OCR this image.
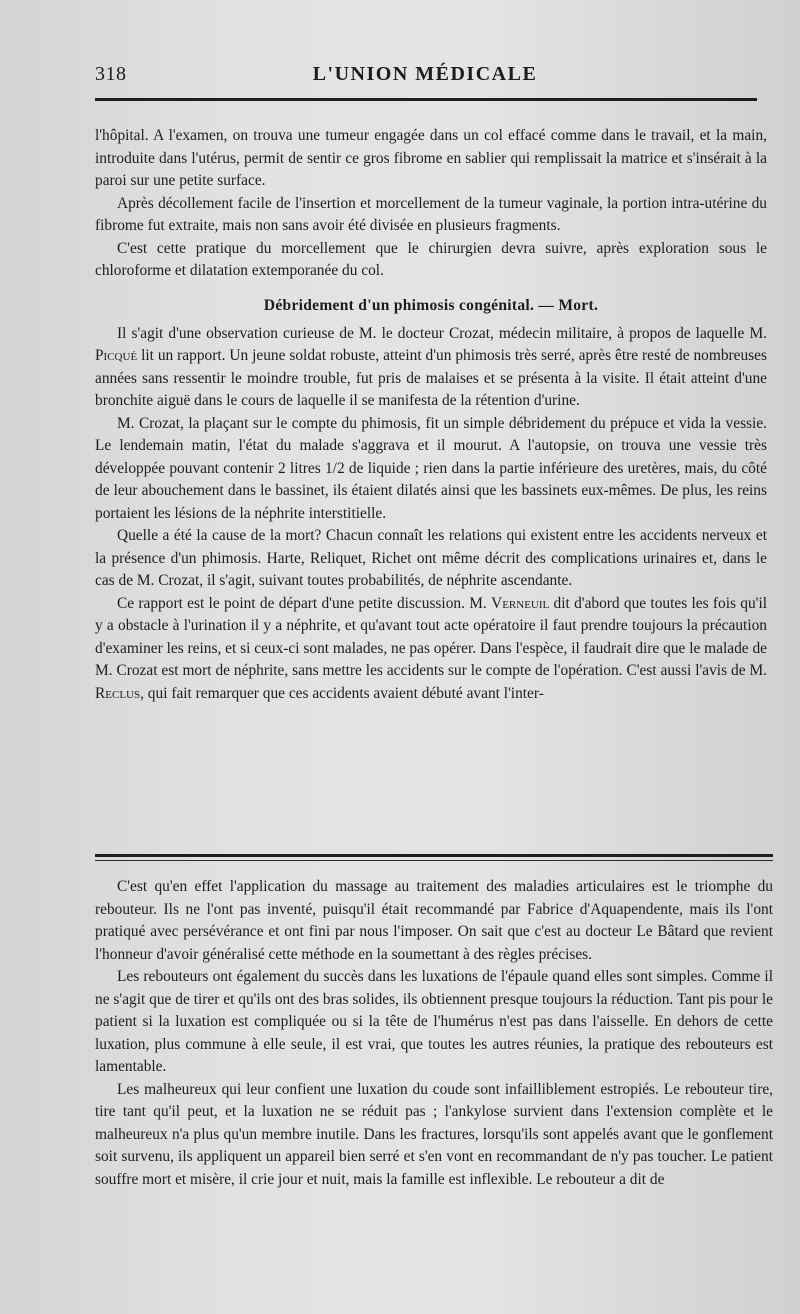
318	L'UNION MÉDICALE

l'hôpital. A l'examen, on trouva une tumeur engagée dans un col effacé comme dans le travail, et la main, introduite dans l'utérus, permit de sentir ce gros fibrome en sablier qui remplissait la matrice et s'insérait à la paroi sur une petite surface.

Après décollement facile de l'insertion et morcellement de la tumeur vaginale, la portion intra-utérine du fibrome fut extraite, mais non sans avoir été divisée en plusieurs fragments.

C'est cette pratique du morcellement que le chirurgien devra suivre, après exploration sous le chloroforme et dilatation extemporanée du col.

Débridement d'un phimosis congénital. — Mort.

Il s'agit d'une observation curieuse de M. le docteur Crozat, médecin militaire, à propos de laquelle M. Picqué lit un rapport. Un jeune soldat robuste, atteint d'un phimosis très serré, après être resté de nombreuses années sans ressentir le moindre trouble, fut pris de malaises et se présenta à la visite. Il était atteint d'une bronchite aiguë dans le cours de laquelle il se manifesta de la rétention d'urine.

M. Crozat, la plaçant sur le compte du phimosis, fit un simple débridement du prépuce et vida la vessie. Le lendemain matin, l'état du malade s'aggrava et il mourut. A l'autopsie, on trouva une vessie très développée pouvant contenir 2 litres 1/2 de liquide ; rien dans la partie inférieure des uretères, mais, du côté de leur abouchement dans le bassinet, ils étaient dilatés ainsi que les bassinets eux-mêmes. De plus, les reins portaient les lésions de la néphrite interstitielle.

Quelle a été la cause de la mort? Chacun connaît les relations qui existent entre les accidents nerveux et la présence d'un phimosis. Harte, Reliquet, Richet ont même décrit des complications urinaires et, dans le cas de M. Crozat, il s'agit, suivant toutes probabilités, de néphrite ascendante.

Ce rapport est le point de départ d'une petite discussion. M. Verneuil dit d'abord que toutes les fois qu'il y a obstacle à l'urination il y a néphrite, et qu'avant tout acte opératoire il faut prendre toujours la précaution d'examiner les reins, et si ceux-ci sont malades, ne pas opérer. Dans l'espèce, il faudrait dire que le malade de M. Crozat est mort de néphrite, sans mettre les accidents sur le compte de l'opération. C'est aussi l'avis de M. Reclus, qui fait remarquer que ces accidents avaient débuté avant l'inter-

C'est qu'en effet l'application du massage au traitement des maladies articulaires est le triomphe du rebouteur. Ils ne l'ont pas inventé, puisqu'il était recommandé par Fabrice d'Aquapendente, mais ils l'ont pratiqué avec persévérance et ont fini par nous l'imposer. On sait que c'est au docteur Le Bâtard que revient l'honneur d'avoir généralisé cette méthode en la soumettant à des règles précises.

Les rebouteurs ont également du succès dans les luxations de l'épaule quand elles sont simples. Comme il ne s'agit que de tirer et qu'ils ont des bras solides, ils obtiennent presque toujours la réduction. Tant pis pour le patient si la luxation est compliquée ou si la tête de l'humérus n'est pas dans l'aisselle. En dehors de cette luxation, plus commune à elle seule, il est vrai, que toutes les autres réunies, la pratique des rebouteurs est lamentable.

Les malheureux qui leur confient une luxation du coude sont infailliblement estropiés. Le rebouteur tire, tire tant qu'il peut, et la luxation ne se réduit pas ; l'ankylose survient dans l'extension complète et le malheureux n'a plus qu'un membre inutile. Dans les fractures, lorsqu'ils sont appelés avant que le gonflement soit survenu, ils appliquent un appareil bien serré et s'en vont en recommandant de n'y pas toucher. Le patient souffre mort et misère, il crie jour et nuit, mais la famille est inflexible. Le rebouteur a dit de
